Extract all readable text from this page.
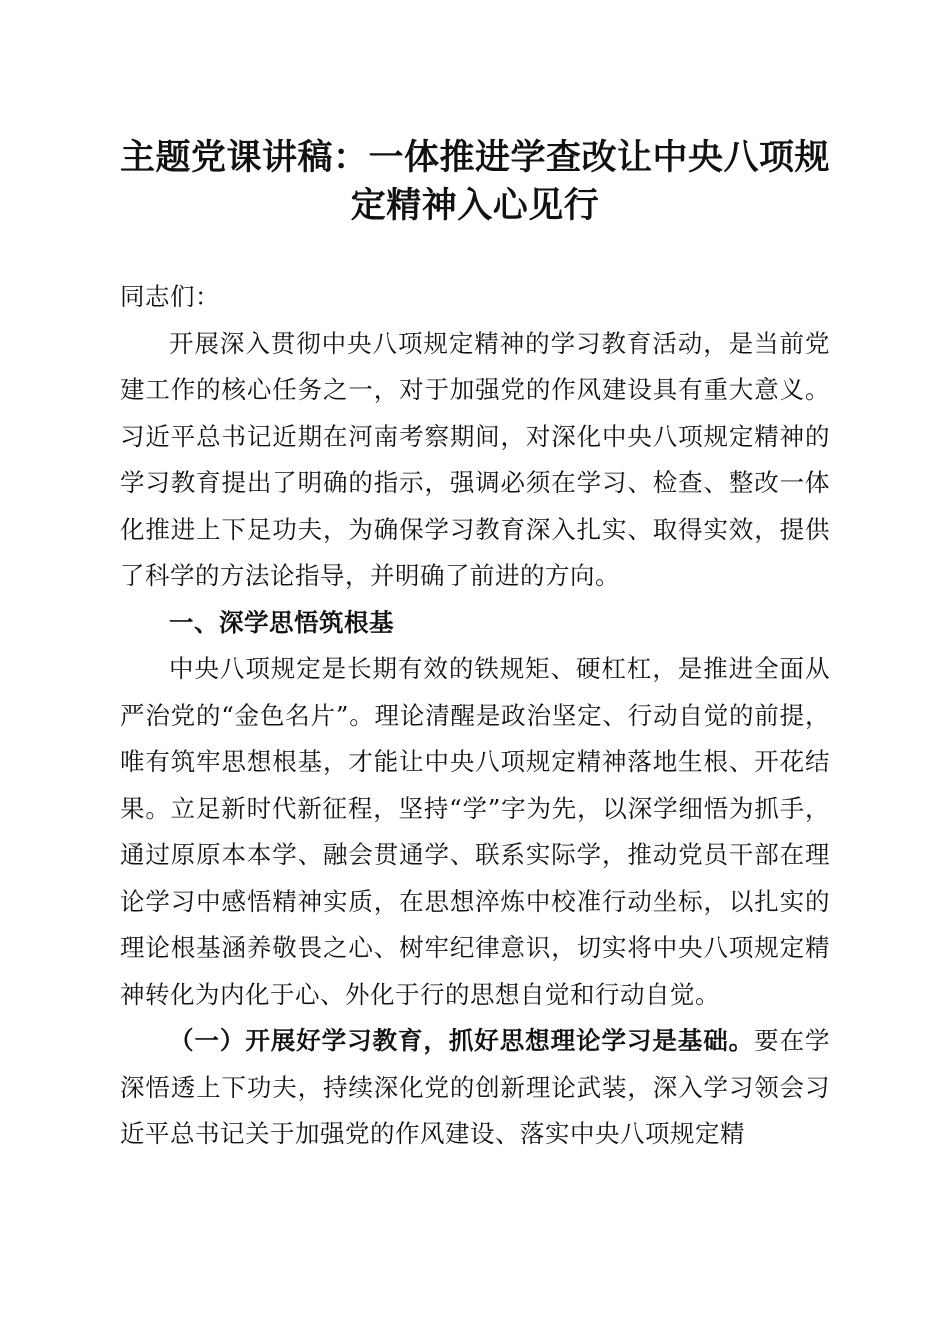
主题党课讲稿：一体推进学查改让中央八项规定精神入心见行

同志们：

开展深入贯彻中央八项规定精神的学习教育活动，是当前党建工作的核心任务之一，对于加强党的作风建设具有重大意义。习近平总书记近期在河南考察期间，对深化中央八项规定精神的学习教育提出了明确的指示，强调必须在学习、检查、整改一体化推进上下足功夫，为确保学习教育深入扎实、取得实效，提供了科学的方法论指导，并明确了前进的方向。

一、深学思悟筑根基

中央八项规定是长期有效的铁规矩、硬杠杠，是推进全面从严治党的“金色名片”。理论清醒是政治坚定、行动自觉的前提，唯有筑牢思想根基，才能让中央八项规定精神落地生根、开花结果。立足新时代新征程，坚持“学”字为先，以深学细悟为抓手，通过原原本本学、融会贯通学、联系实际学，推动党员干部在理论学习中感悟精神实质，在思想淬炼中校准行动坐标，以扎实的理论根基涵养敬畏之心、树牢纪律意识，切实将中央八项规定精神转化为内化于心、外化于行的思想自觉和行动自觉。

（一）开展好学习教育，抓好思想理论学习是基础。要在学深悟透上下功夫，持续深化党的创新理论武装，深入学习领会习近平总书记关于加强党的作风建设、落实中央八项规定精
